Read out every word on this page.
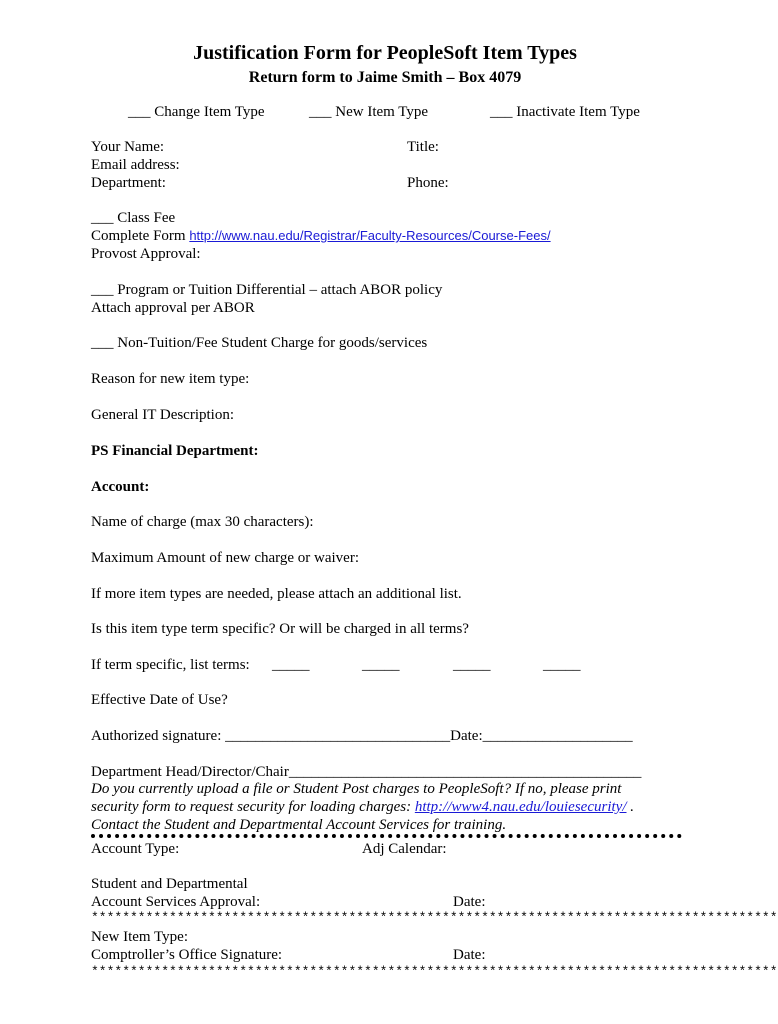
Justification Form for PeopleSoft Item Types
Return form to Jaime Smith – Box 4079
___ Change Item Type	___ New Item Type	___ Inactivate Item Type
Your Name:	Title:
Email address:
Department:	Phone:
___ Class Fee
Complete Form http://www.nau.edu/Registrar/Faculty-Resources/Course-Fees/
Provost Approval:
___ Program or Tuition Differential – attach ABOR policy
Attach approval per ABOR
___ Non-Tuition/Fee Student Charge for goods/services
Reason for new item type:
General IT Description:
PS Financial Department:
Account:
Name of charge (max 30 characters):
Maximum Amount of new charge or waiver:
If more item types are needed, please attach an additional list.
Is this item type term specific? Or will be charged in all terms?
If term specific, list terms: _____	_____	_____	_____
Effective Date of Use?
Authorized signature: ______________________________Date:____________________
Department Head/Director/Chair_______________________________________________
Do you currently upload a file or Student Post charges to PeopleSoft? If no, please print
security form to request security for loading charges: http://www4.nau.edu/louiesecurity/ .
Contact the Student and Departmental Account Services for training.
Account Type:	Adj Calendar:
Student and Departmental
Account Services Approval:	Date:
****************************************************************************************
New Item Type:
Comptroller’s Office Signature:	Date:
****************************************************************************************
